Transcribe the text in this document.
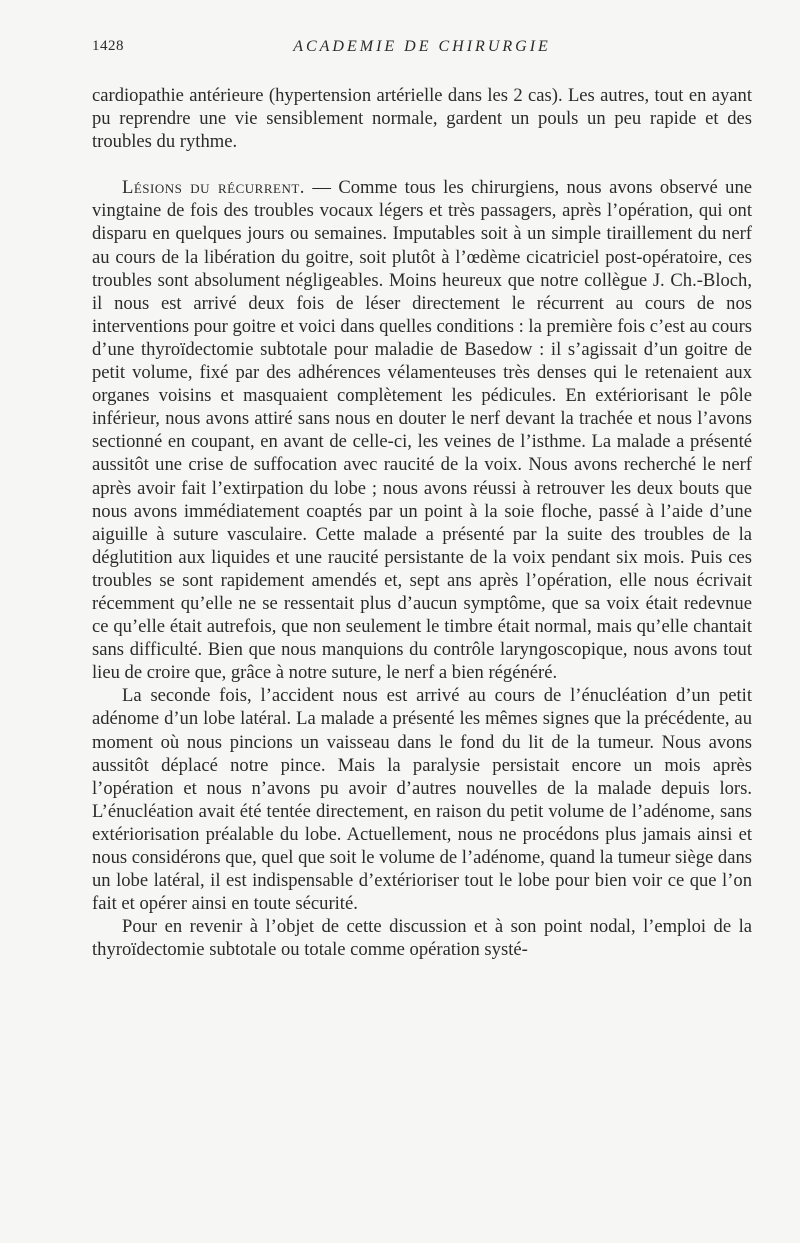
1428	ACADEMIE DE CHIRURGIE

cardiopathie antérieure (hypertension artérielle dans les 2 cas). Les autres, tout en ayant pu reprendre une vie sensiblement normale, gardent un pouls un peu rapide et des troubles du rythme.

Lésions du récurrent. — Comme tous les chirurgiens, nous avons observé une vingtaine de fois des troubles vocaux légers et très passagers, après l’opération, qui ont disparu en quelques jours ou semaines. Imputables soit à un simple tiraillement du nerf au cours de la libération du goitre, soit plutôt à l’œdème cicatriciel post-opératoire, ces troubles sont absolument négligeables. Moins heureux que notre collègue J. Ch.-Bloch, il nous est arrivé deux fois de léser directement le récurrent au cours de nos interventions pour goitre et voici dans quelles conditions : la première fois c’est au cours d’une thyroïdectomie subtotale pour maladie de Basedow : il s’agissait d’un goitre de petit volume, fixé par des adhérences vélamenteuses très denses qui le retenaient aux organes voisins et masquaient complètement les pédicules. En extériorisant le pôle inférieur, nous avons attiré sans nous en douter le nerf devant la trachée et nous l’avons sectionné en coupant, en avant de celle-ci, les veines de l’isthme. La malade a présenté aussitôt une crise de suffocation avec raucité de la voix. Nous avons recherché le nerf après avoir fait l’extirpation du lobe ; nous avons réussi à retrouver les deux bouts que nous avons immédiatement coaptés par un point à la soie floche, passé à l’aide d’une aiguille à suture vasculaire. Cette malade a présenté par la suite des troubles de la déglutition aux liquides et une raucité persistante de la voix pendant six mois. Puis ces troubles se sont rapidement amendés et, sept ans après l’opération, elle nous écrivait récemment qu’elle ne se ressentait plus d’aucun symptôme, que sa voix était redevnue ce qu’elle était autrefois, que non seulement le timbre était normal, mais qu’elle chantait sans difficulté. Bien que nous manquions du contrôle laryngoscopique, nous avons tout lieu de croire que, grâce à notre suture, le nerf a bien régénéré.

La seconde fois, l’accident nous est arrivé au cours de l’énucléation d’un petit adénome d’un lobe latéral. La malade a présenté les mêmes signes que la précédente, au moment où nous pincions un vaisseau dans le fond du lit de la tumeur. Nous avons aussitôt déplacé notre pince. Mais la paralysie persistait encore un mois après l’opération et nous n’avons pu avoir d’autres nouvelles de la malade depuis lors. L’énucléation avait été tentée directement, en raison du petit volume de l’adénome, sans extériorisation préalable du lobe. Actuellement, nous ne procédons plus jamais ainsi et nous considérons que, quel que soit le volume de l’adénome, quand la tumeur siège dans un lobe latéral, il est indispensable d’extérioriser tout le lobe pour bien voir ce que l’on fait et opérer ainsi en toute sécurité.

Pour en revenir à l’objet de cette discussion et à son point nodal, l’emploi de la thyroïdectomie subtotale ou totale comme opération systé-
